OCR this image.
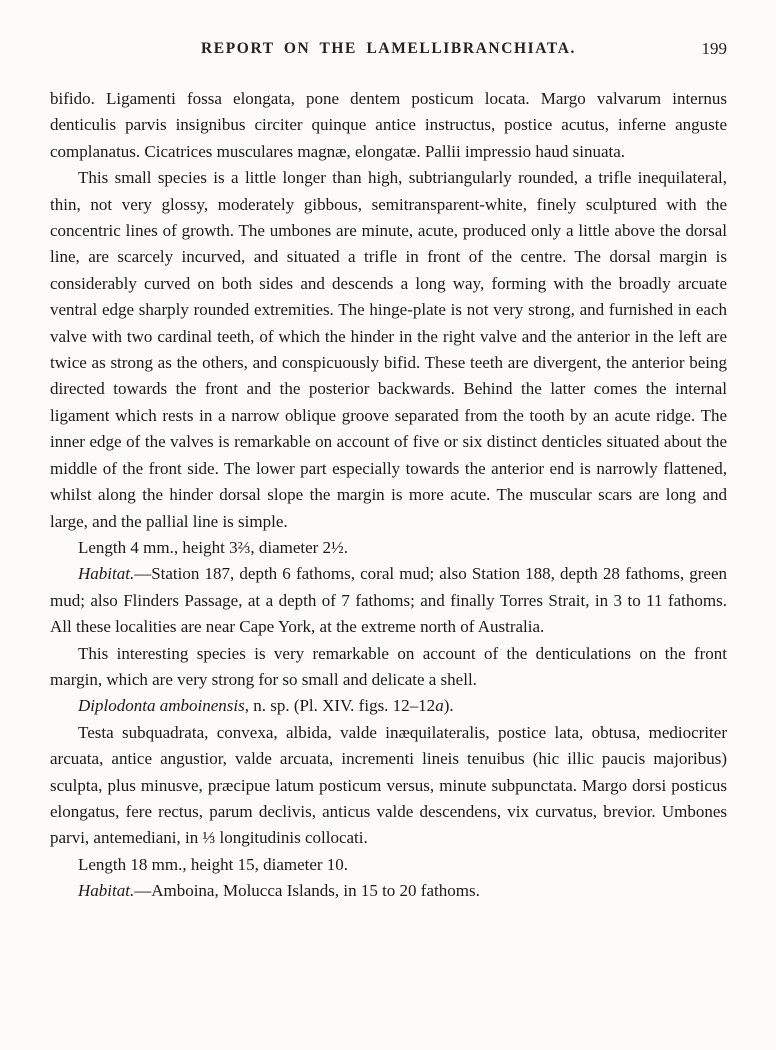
REPORT ON THE LAMELLIBRANCHIATA.	199

bifido. Ligamenti fossa elongata, pone dentem posticum locata. Margo valvarum internus denticulis parvis insignibus circiter quinque antice instructus, postice acutus, inferne anguste complanatus. Cicatrices musculares magnæ, elongatæ. Pallii impressio haud sinuata.

This small species is a little longer than high, subtriangularly rounded, a trifle inequilateral, thin, not very glossy, moderately gibbous, semitransparent-white, finely sculptured with the concentric lines of growth. The umbones are minute, acute, produced only a little above the dorsal line, are scarcely incurved, and situated a trifle in front of the centre. The dorsal margin is considerably curved on both sides and descends a long way, forming with the broadly arcuate ventral edge sharply rounded extremities. The hinge-plate is not very strong, and furnished in each valve with two cardinal teeth, of which the hinder in the right valve and the anterior in the left are twice as strong as the others, and conspicuously bifid. These teeth are divergent, the anterior being directed towards the front and the posterior backwards. Behind the latter comes the internal ligament which rests in a narrow oblique groove separated from the tooth by an acute ridge. The inner edge of the valves is remarkable on account of five or six distinct denticles situated about the middle of the front side. The lower part especially towards the anterior end is narrowly flattened, whilst along the hinder dorsal slope the margin is more acute. The muscular scars are long and large, and the pallial line is simple.

Length 4 mm., height 3⅔, diameter 2½.

Habitat.—Station 187, depth 6 fathoms, coral mud; also Station 188, depth 28 fathoms, green mud; also Flinders Passage, at a depth of 7 fathoms; and finally Torres Strait, in 3 to 11 fathoms. All these localities are near Cape York, at the extreme north of Australia.

This interesting species is very remarkable on account of the denticulations on the front margin, which are very strong for so small and delicate a shell.

Diplodonta amboinensis, n. sp. (Pl. XIV. figs. 12–12a).

Testa subquadrata, convexa, albida, valde inæquilateralis, postice lata, obtusa, mediocriter arcuata, antice angustior, valde arcuata, incrementi lineis tenuibus (hic illic paucis majoribus) sculpta, plus minusve, præcipue latum posticum versus, minute subpunctata. Margo dorsi posticus elongatus, fere rectus, parum declivis, anticus valde descendens, vix curvatus, brevior. Umbones parvi, antemediani, in ⅓ longitudinis collocati.

Length 18 mm., height 15, diameter 10.

Habitat.—Amboina, Molucca Islands, in 15 to 20 fathoms.
